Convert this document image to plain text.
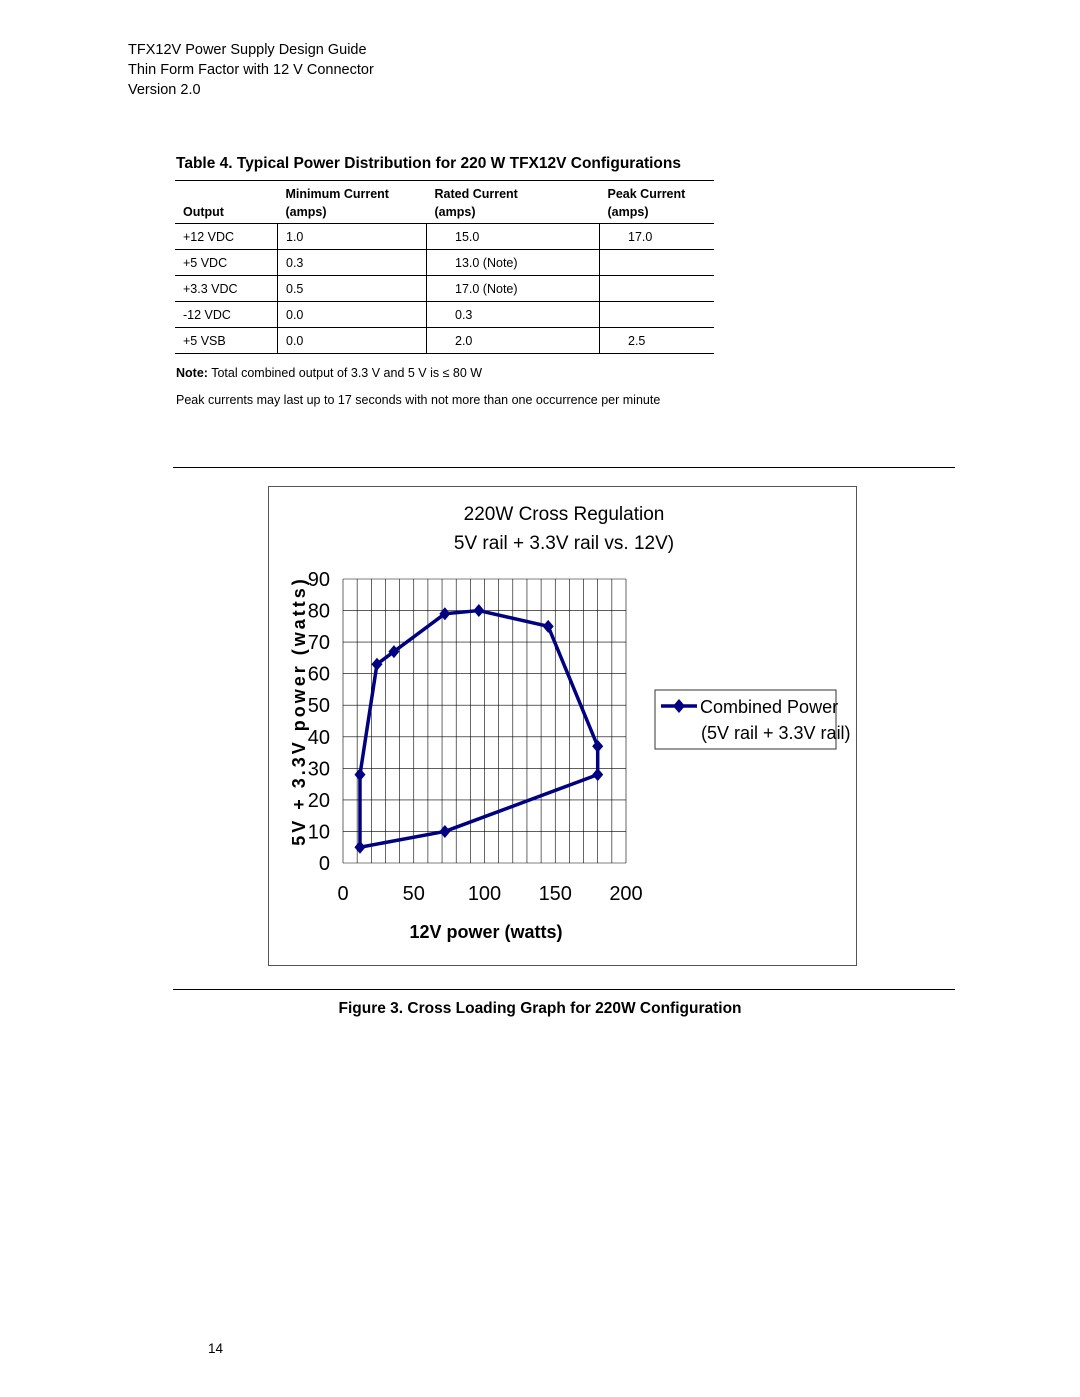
TFX12V Power Supply Design Guide
Thin Form Factor with 12 V Connector
Version 2.0
Table 4. Typical Power Distribution for 220 W TFX12V Configurations
	Minimum Current	Rated Current	Peak Current
Output	(amps)	(amps)	(amps)
+12 VDC	1.0	15.0	17.0
+5 VDC	0.3	13.0 (Note)	
+3.3 VDC	0.5	17.0 (Note)	
-12 VDC	0.0	0.3	
+5 VSB	0.0	2.0	2.5
Note: Total combined output of 3.3 V and 5 V is ≤ 80 W
Peak currents may last up to 17 seconds with not more than one occurrence per minute
220W Cross Regulation
5V rail + 3.3V rail vs. 12V)
0
10
20
30
40
50
60
70
80
90
0	50 100 150 200
5V + 3.3V power (watts)
12V power (watts)
Combined Power
(5V rail + 3.3V rail)
Figure 3. Cross Loading Graph for 220W Configuration
14
